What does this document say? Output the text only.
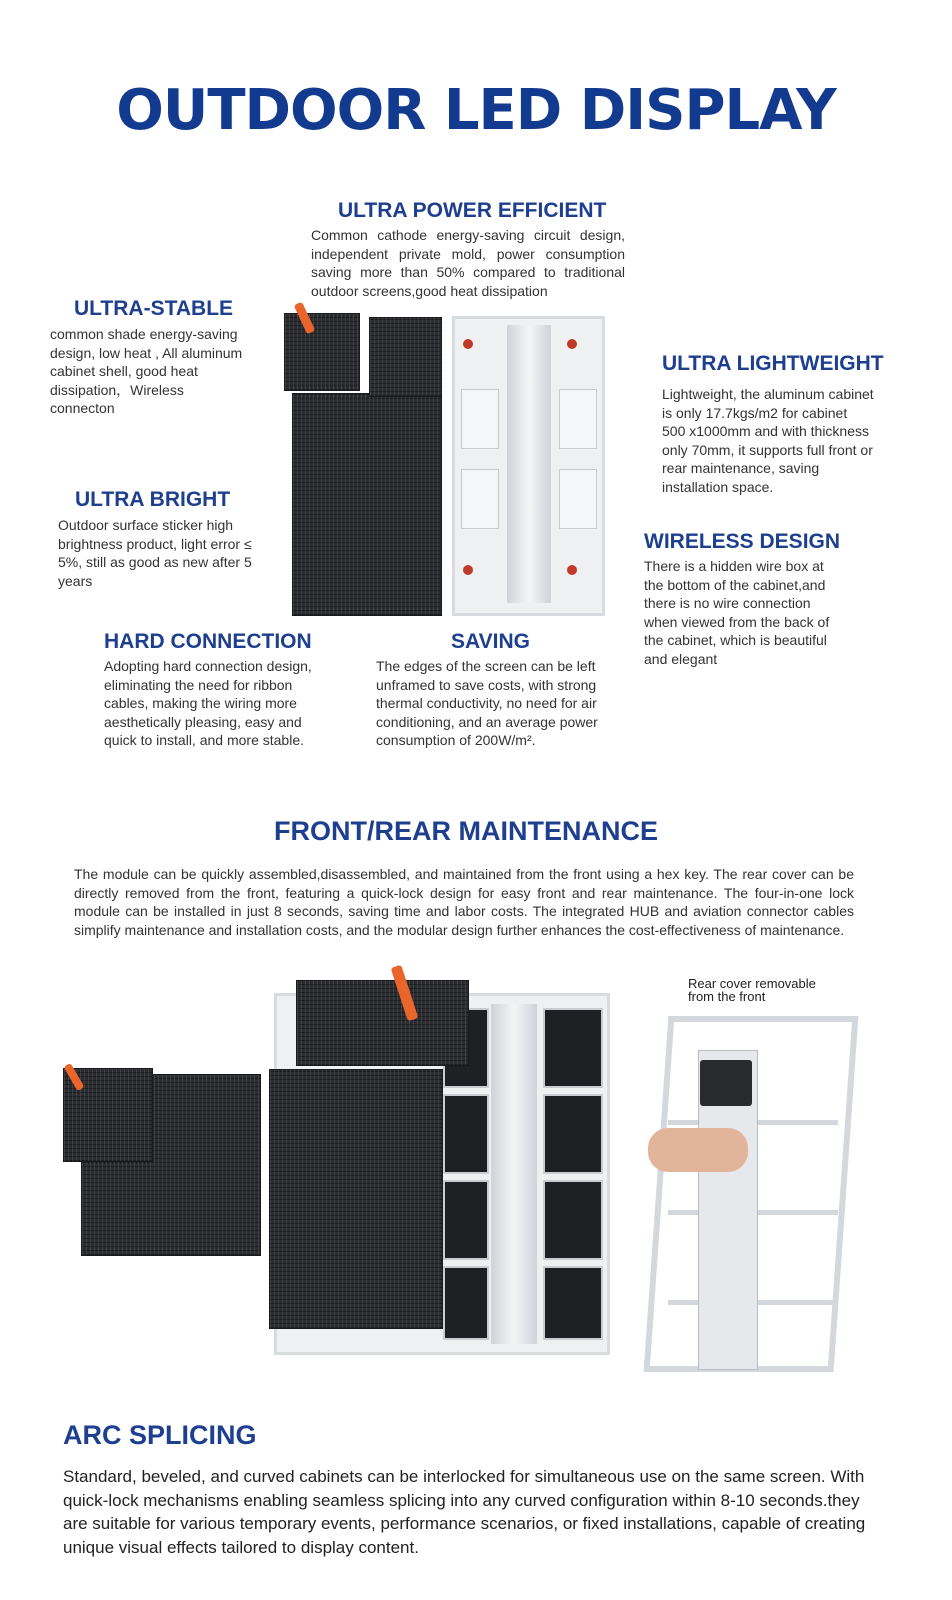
OUTDOOR LED DISPLAY
ULTRA POWER EFFICIENT
Common cathode energy-saving circuit design, independent private mold, power consumption saving more than 50% compared to traditional outdoor screens,good heat dissipation
ULTRA-STABLE
common shade energy-saving design, low heat , All aluminum cabinet shell, good heat dissipation，Wireless connecton
ULTRA LIGHTWEIGHT
Lightweight, the aluminum cabinet is only 17.7kgs/m2 for cabinet 500 x1000mm and with thickness only 70mm, it supports full front or rear maintenance, saving installation space.
ULTRA BRIGHT
Outdoor surface sticker high brightness product, light error ≤ 5%, still as good as new after 5 years
WIRELESS DESIGN
There is a hidden wire box at the bottom of the cabinet,and there is no wire connection when viewed from the back of the cabinet, which is beautiful and elegant
HARD CONNECTION
Adopting hard connection design, eliminating the need for ribbon cables, making the wiring more aesthetically pleasing, easy and quick to install, and more stable.
SAVING
The edges of the screen can be left unframed to save costs, with strong thermal conductivity, no need for air conditioning, and an average power consumption of 200W/m².
FRONT/REAR MAINTENANCE
The module can be quickly assembled,disassembled, and maintained from the front using a hex key. The rear cover can be directly removed from the front, featuring a quick-lock design for easy front and rear maintenance. The four-in-one lock module can be installed in just 8 seconds, saving time and labor costs. The integrated HUB and aviation connector cables simplify maintenance and installation costs, and the modular design further enhances the cost-effectiveness of maintenance.
Rear cover removable from the front
ARC SPLICING
Standard, beveled, and curved cabinets can be interlocked for simultaneous use on the same screen. With quick-lock mechanisms enabling seamless splicing into any curved configuration within 8-10 seconds.they are suitable for various temporary events, performance scenarios, or fixed installations, capable of creating unique visual effects tailored to display content.
